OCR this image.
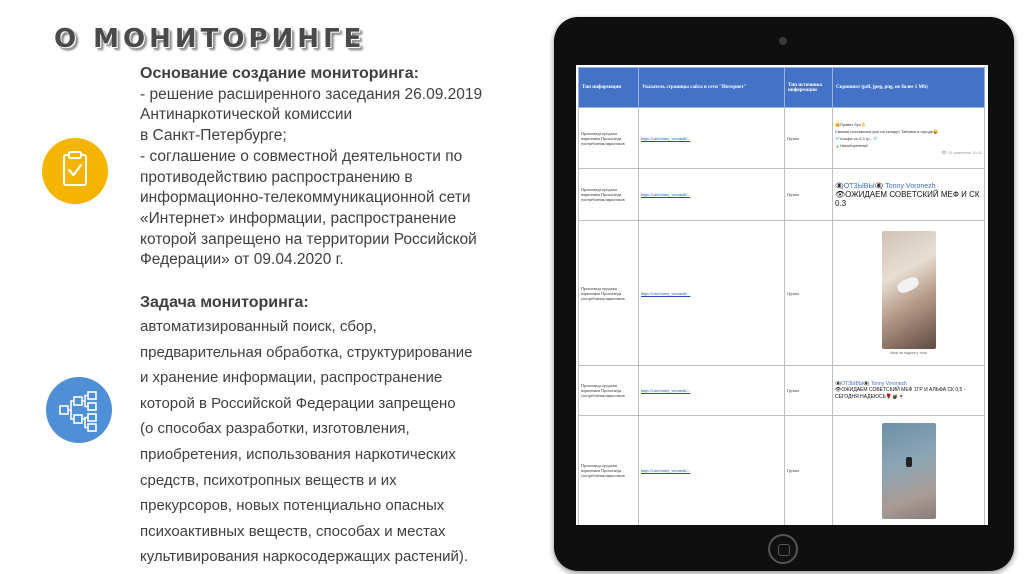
О МОНИТОРИНГЕ
Основание создание мониторинга:
- решение расширенного заседания 26.09.2019
Антинаркотической комиссии
в Санкт-Петербурге;
- соглашение о совместной деятельности по
противодействию распространению в
информационно-телекоммуникационной сети
«Интернет» информации, распространение
которой запрещено на территории Российской
Федерации» от 09.04.2020 г.
Задача мониторинга:
автоматизированный поиск, сбор,
предварительная обработка, структурирование
и хранение информации, распространение
которой в Российской Федерации запрещено
(о способах разработки, изготовления,
приобретения, использования наркотических
средств, психотропных веществ и их
прекурсоров, новых потенциально опасных
психоактивных веществ, способах и местах
культивирования наркосодержащих растений).
Тип информации	Указатель страницы сайта в сети "Интернет"	Тип источника информации	Скриншот (pdf, jpeg, png, не более 1 Mb)
Пропаганда продажи наркотиков Пропаганда употребления наркотиков	https://t.me/tonny_voronezh/...	Группа	😋Привет бро👌
Свежая поставочка уже на складе! Тайники в городе😜
💎Альфа со 0,3 гр - 💎
🍃Никоборенный
👁 16 изменено 10:11

Пропаганда продажи наркотиков Пропаганда употребления наркотиков	https://t.me/tonny_voronezh/...	Группа	👁‍🗨ОТЗЫВЫ👁‍🗨 Tonny Voronezh
👁ОЖИДАЕМ СОВЕТСКИЙ МЕФ И СК 0.3

Пропаганда продажи наркотиков Пропаганда употребления наркотиков	https://t.me/tonny_voronezh/...	Группа	Меф на ладони у тоня

Пропаганда продажи наркотиков Пропаганда употребления наркотиков	https://t.me/tonny_voronezh/...	Группа	👁‍🗨ОТЗЫВЫ👁‍🗨 Tonny Voronezh
👁ОЖИДАЕМ СОВЕТСКИЙ МЕФ 1ГР И АЛЬФА СК 0,5 - СЕГОДНЯ НАДЕЮСЬ🌹💣🍷

Пропаганда продажи наркотиков Пропаганда употребления наркотиков	https://t.me/tonny_voronezh/...	Группа	
